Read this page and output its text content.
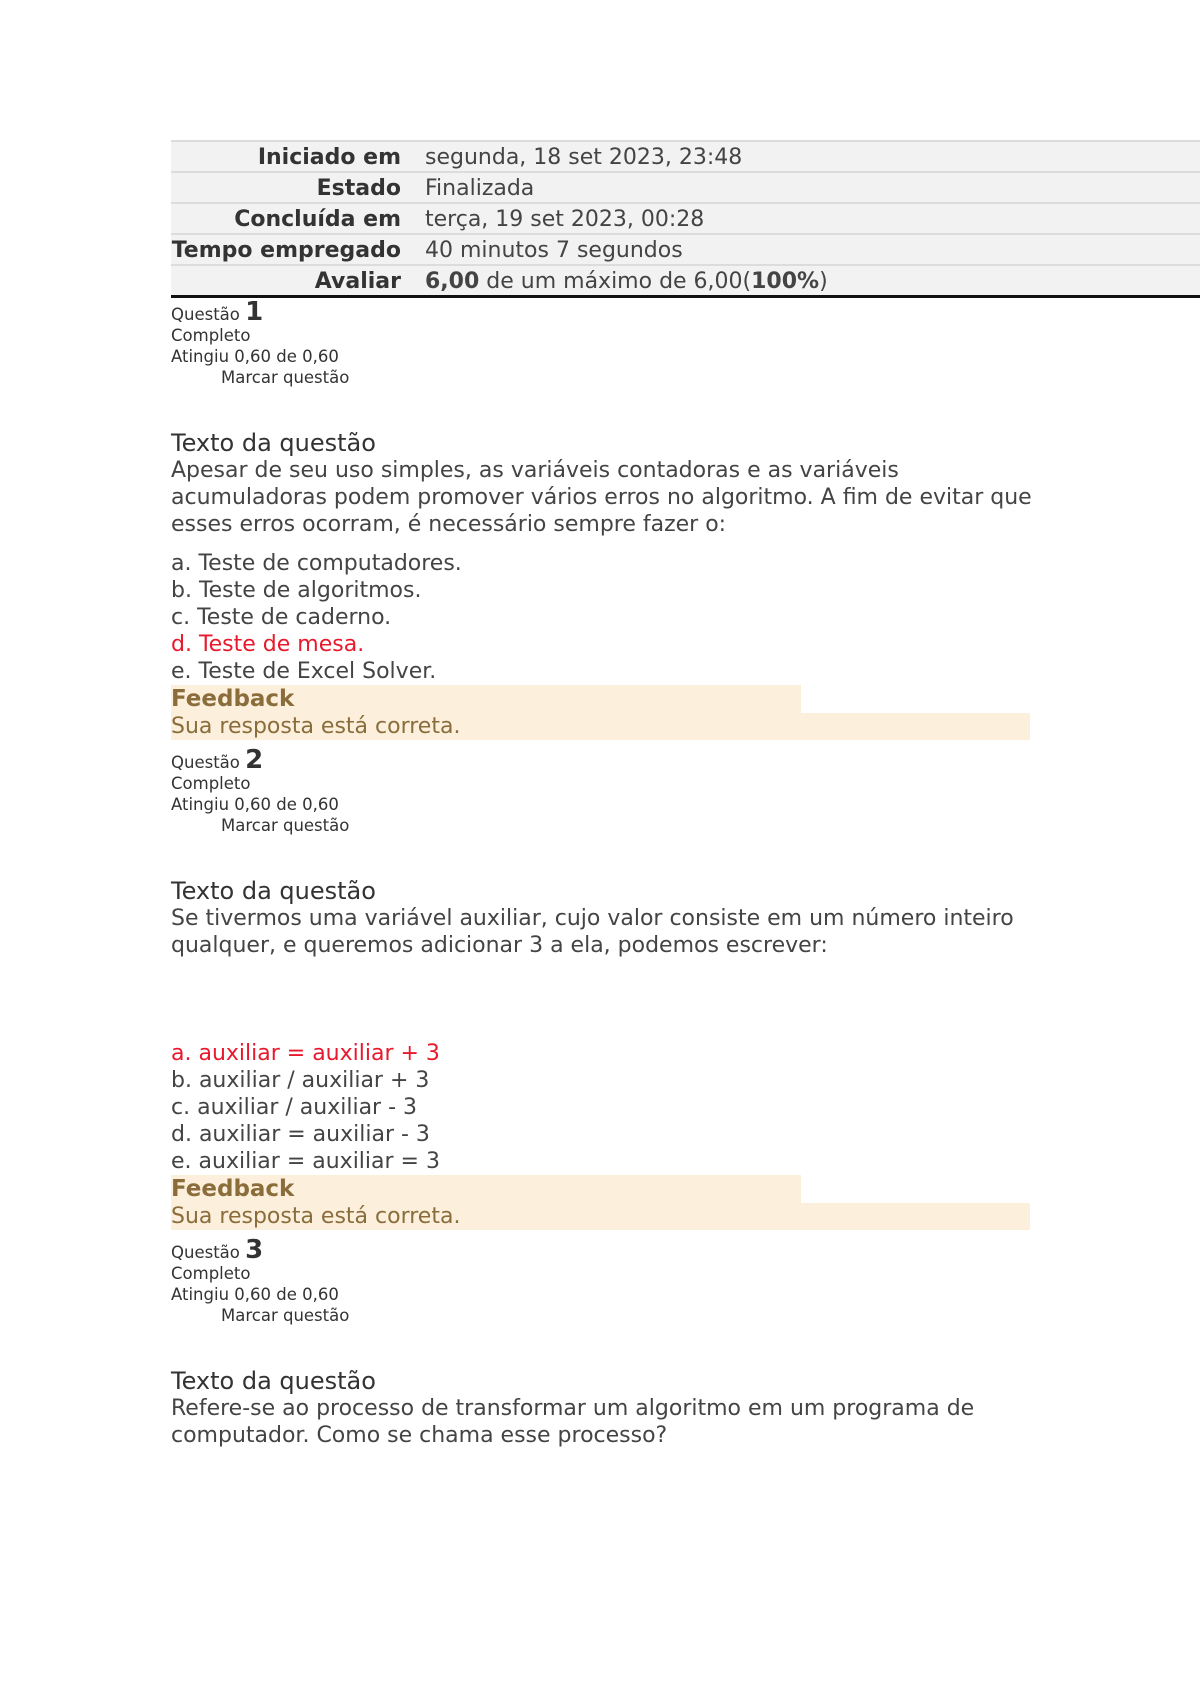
Iniciado em	segunda, 18 set 2023, 23:48
Estado	Finalizada
Concluída em	terça, 19 set 2023, 00:28
Tempo empregado	40 minutos 7 segundos
Avaliar	6,00 de um máximo de 6,00(100%)
Questão 1
Completo
Atingiu 0,60 de 0,60
Marcar questão
Texto da questão
Apesar de seu uso simples, as variáveis contadoras e as variáveis acumuladoras podem promover vários erros no algoritmo. A fim de evitar que esses erros ocorram, é necessário sempre fazer o:
a. Teste de computadores.
b. Teste de algoritmos.
c. Teste de caderno.
d. Teste de mesa.
e. Teste de Excel Solver.
Feedback
Sua resposta está correta.
Questão 2
Completo
Atingiu 0,60 de 0,60
Marcar questão
Texto da questão
Se tivermos uma variável auxiliar, cujo valor consiste em um número inteiro qualquer, e queremos adicionar 3 a ela, podemos escrever:
a. auxiliar = auxiliar + 3
b. auxiliar / auxiliar + 3
c. auxiliar / auxiliar - 3
d. auxiliar = auxiliar - 3
e. auxiliar = auxiliar = 3
Feedback
Sua resposta está correta.
Questão 3
Completo
Atingiu 0,60 de 0,60
Marcar questão
Texto da questão
Refere-se ao processo de transformar um algoritmo em um programa de computador. Como se chama esse processo?
